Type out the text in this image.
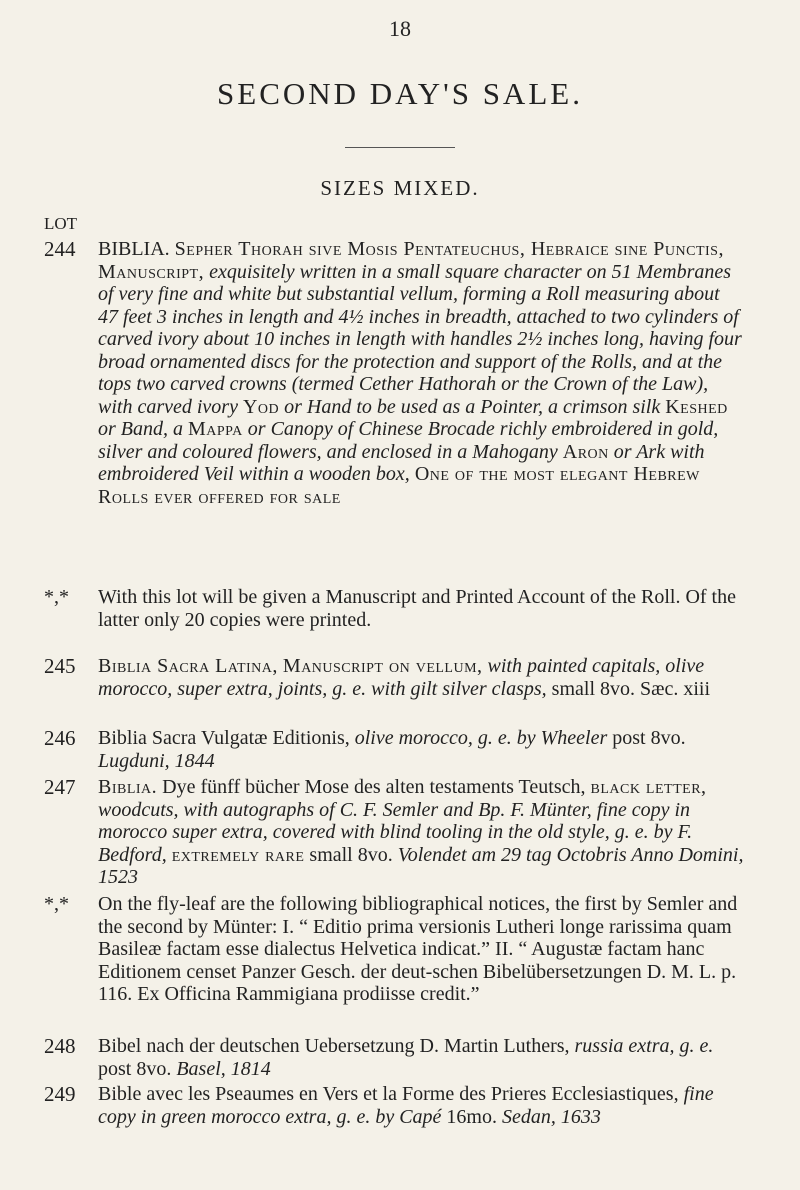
18
SECOND DAY'S SALE.
SIZES MIXED.
LOT
244 BIBLIA. Sepher Thorah sive Mosis Pentateuchus, Hebraice sine Punctis, Manuscript, exquisitely written in a small square character on 51 Membranes of very fine and white but substantial vellum, forming a Roll measuring about 47 feet 3 inches in length and 4½ inches in breadth, attached to two cylinders of carved ivory about 10 inches in length with handles 2½ inches long, having four broad ornamented discs for the protection and support of the Rolls, and at the tops two carved crowns (termed Cether Hathorah or the Crown of the Law), with carved ivory Yod or Hand to be used as a Pointer, a crimson silk Keshed or Band, a Mappa or Canopy of Chinese Brocade richly embroidered in gold, silver and coloured flowers, and enclosed in a Mahogany Aron or Ark with embroidered Veil within a wooden box, One of the most elegant Hebrew Rolls ever offered for sale
*,* With this lot will be given a Manuscript and Printed Account of the Roll. Of the latter only 20 copies were printed.
245 Biblia Sacra Latina, Manuscript on vellum, with painted capitals, olive morocco, super extra, joints, g. e. with gilt silver clasps, small 8vo. Sæc. xiii
246 Biblia Sacra Vulgatæ Editionis, olive morocco, g. e. by Wheeler post 8vo. Lugduni, 1844
247 Biblia. Dye fünff bücher Mose des alten testaments Teutsch, black letter, woodcuts, with autographs of C. F. Semler and Bp. F. Münter, fine copy in morocco super extra, covered with blind tooling in the old style, g. e. by F. Bedford, extremely rare small 8vo. Volendet am 29 tag Octobris Anno Domini, 1523
*,* On the fly-leaf are the following bibliographical notices, the first by Semler and the second by Münter: I. “ Editio prima versionis Lutheri longe rarissima quam Basileæ factam esse dialectus Helvetica indicat.” II. “ Augustæ factam hanc Editionem censet Panzer Gesch. der deut-schen Bibelübersetzungen D. M. L. p. 116. Ex Officina Rammigiana prodiisse credit.”
248 Bibel nach der deutschen Uebersetzung D. Martin Luthers, russia extra, g. e. post 8vo. Basel, 1814
249 Bible avec les Pseaumes en Vers et la Forme des Prieres Ecclesiastiques, fine copy in green morocco extra, g. e. by Capé 16mo. Sedan, 1633
